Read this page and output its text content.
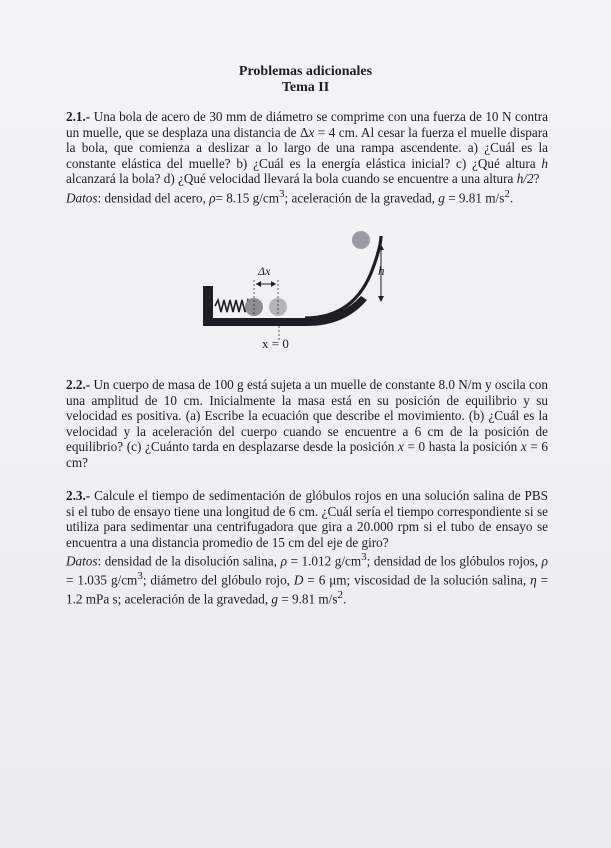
Problemas adicionales
Tema II
2.1.- Una bola de acero de 30 mm de diámetro se comprime con una fuerza de 10 N contra un muelle, que se desplaza una distancia de Δx = 4 cm. Al cesar la fuerza el muelle dispara la bola, que comienza a deslizar a lo largo de una rampa ascendente. a) ¿Cuál es la constante elástica del muelle? b) ¿Cuál es la energía elástica inicial? c) ¿Qué altura h alcanzará la bola? d) ¿Qué velocidad llevará la bola cuando se encuentre a una altura h/2?
Datos: densidad del acero, ρ= 8.15 $g/cm^3$; aceleración de la gravedad, g = 9.81 $m/s^2$.
Δx	h
x = 0
2.2.- Un cuerpo de masa de 100 g está sujeta a un muelle de constante 8.0 N/m y oscila con una amplitud de 10 cm. Inicialmente la masa está en su posición de equilibrio y su velocidad es positiva. (a) Escribe la ecuación que describe el movimiento. (b) ¿Cuál es la velocidad y la aceleración del cuerpo cuando se encuentre a 6 cm de la posición de equilibrio? (c) ¿Cuánto tarda en desplazarse desde la posición x = 0 hasta la posición x = 6 cm?
2.3.- Calcule el tiempo de sedimentación de glóbulos rojos en una solución salina de PBS si el tubo de ensayo tiene una longitud de 6 cm. ¿Cuál sería el tiempo correspondiente si se utiliza para sedimentar una centrifugadora que gira a 20.000 rpm si el tubo de ensayo se encuentra a una distancia promedio de 15 cm del eje de giro?
Datos: densidad de la disolución salina, ρ = 1.012 $g/cm^3$; densidad de los glóbulos rojos, ρ = 1.035 $g/cm^3$; diámetro del glóbulo rojo, D = 6 μm; viscosidad de la solución salina, η = 1.2 mPa s; aceleración de la gravedad, g = 9.81 $m/s^2$.
